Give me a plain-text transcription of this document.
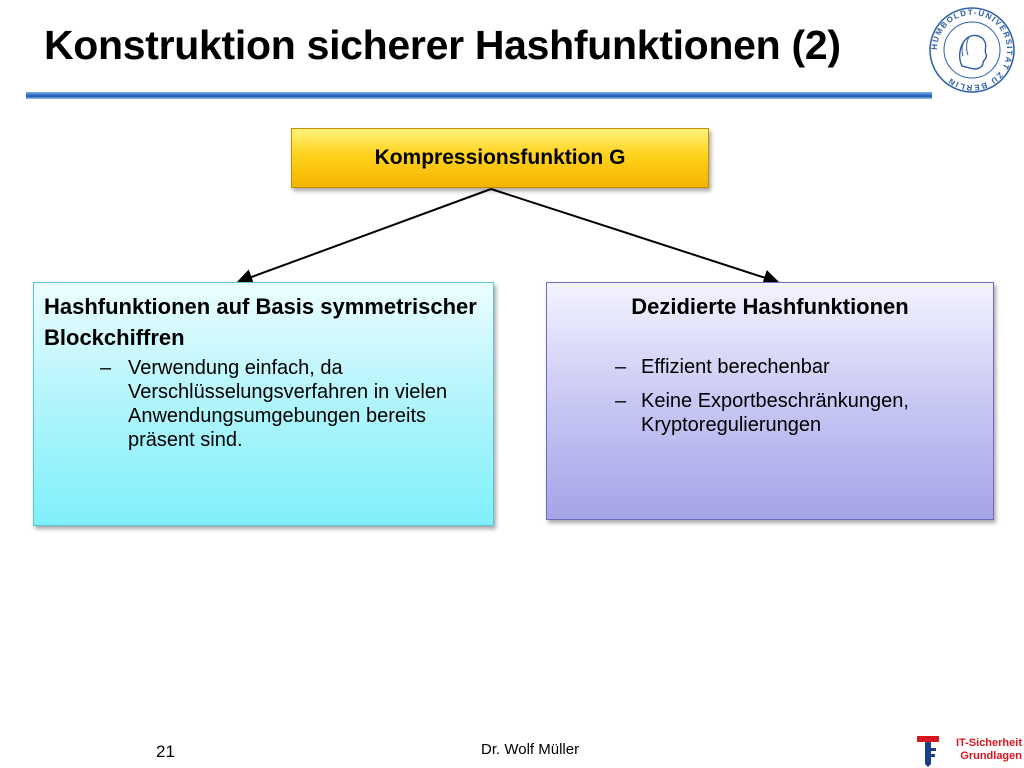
Konstruktion sicherer Hashfunktionen (2)	HUMBOLDT-UNIVERSITÄT ZU BERLIN
Kompressionsfunktion G
Hashfunktionen auf Basis symmetrischer Blockchiffren
– Verwendung einfach, da Verschlüsselungsverfahren in vielen Anwendungsumgebungen bereits präsent sind.
Dezidierte Hashfunktionen
– Effizient berechenbar
– Keine Exportbeschränkungen, Kryptoregulierungen
21	Dr. Wolf Müller	IT-Sicherheit
Grundlagen
